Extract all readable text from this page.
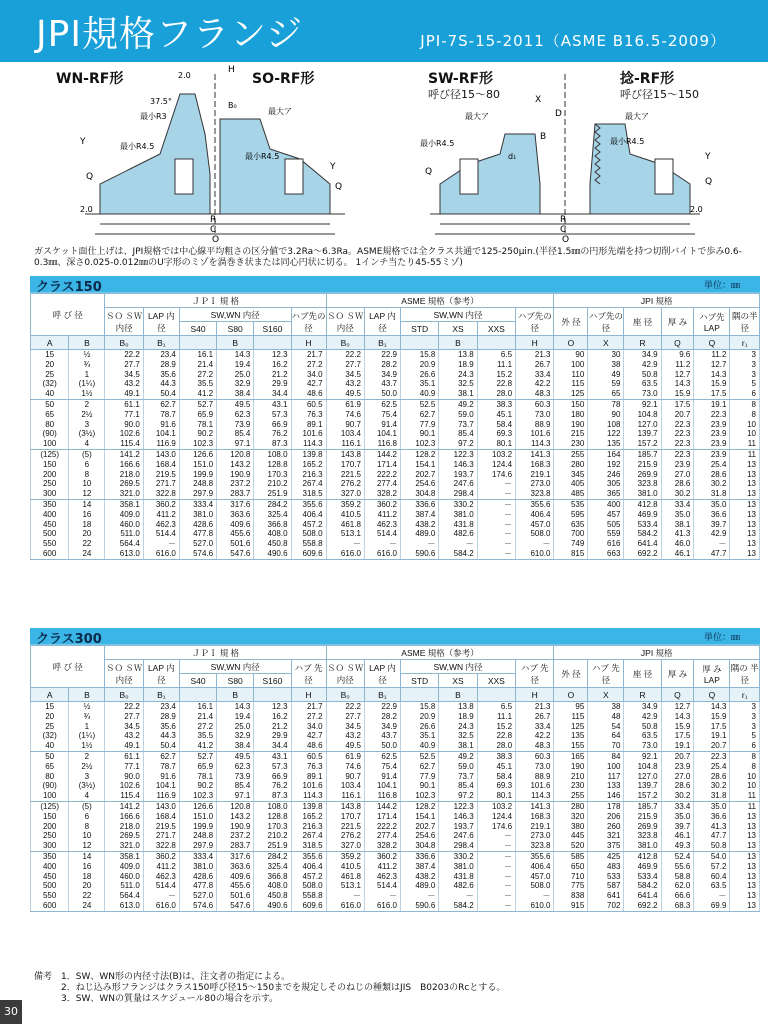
JPI規格フランジ	JPI-7S-15-2011（ASME B16.5-2009）
WN-RF形	SO-RF形	SW-RF形
呼び径15～80
捻-RF形
呼び径15～150
C
R
O
H
2.0
37.5°
最小R3
最小R4.5
Y
Q
2.0
B₀
最大ア
最小R4.5
Y
Q
C
R
O
X
D
B
d₁
最大ア	最大ア
最小R4.5	最小R4.5
Q
Y
Q
2.0
ガスケット面仕上げは、JPI規格では中心線平均粗さの区分値で3.2Ra～6.3Ra。ASME規格では全クラス共通で125-250μin.(半径1.5㎜の円形先端を持つ切削バイトで歩み0.6-0.3㎜、深さ0.025-0.012㎜のU字形のミゾを渦巻き状または同心円状に切る。 1インチ当たり45-55ミゾ)
クラス150	単位：㎜
呼 び 径		ＪＰＩ 規 格						ASME 規格（参考）						JPI 規格					
		ＳＯ ＳＷ 内径	LAP 内径	SW,WN 内径			ハブ先の径	ＳＯ ＳＷ 内径	LAP 内径	SW,WN 内径			ハブ先の径	外 径	ハブ先の径	座 径	厚 み	ハブ先 LAP	隅の半径
				S40	S80	S160				STD	XS	XXS							
A	B	B₀	B₁		B		H	B₀	B₁		B		H	O	X	R	Q	Q	r₁
15	½	22.2	23.4	16.1	14.3	12.3	21.7	22.2	22.9	15.8	13.8	6.5	21.3	90	30	34.9	9.6	11.2	3
20	¾	27.7	28.9	21.4	19.4	16.2	27.2	27.7	28.2	20.9	18.9	11.1	26.7	100	38	42.9	11.2	12.7	3
25	1	34.5	35.6	27.2	25.0	21.2	34.0	34.5	34.9	26.6	24.3	15.2	33.4	110	49	50.8	12.7	14.3	3
(32)	(1¼)	43.2	44.3	35.5	32.9	29.9	42.7	43.2	43.7	35.1	32.5	22.8	42.2	115	59	63.5	14.3	15.9	5
40	1½	49.1	50.4	41.2	38.4	34.4	48.6	49.5	50.0	40.9	38.1	28.0	48.3	125	65	73.0	15.9	17.5	6
50	2	61.1	62.7	52.7	49.5	43.1	60.5	61.9	62.5	52.5	49.2	38.3	60.3	150	78	92.1	17.5	19.1	8
65	2½	77.1	78.7	65.9	62.3	57.3	76.3	74.6	75.4	62.7	59.0	45.1	73.0	180	90	104.8	20.7	22.3	8
80	3	90.0	91.6	78.1	73.9	66.9	89.1	90.7	91.4	77.9	73.7	58.4	88.9	190	108	127.0	22.3	23.9	10
(90)	(3½)	102.6	104.1	90.2	85.4	76.2	101.6	103.4	104.1	90.1	85.4	69.3	101.6	215	122	139.7	22.3	23.9	10
100	4	115.4	116.9	102.3	97.1	87.3	114.3	116.1	116.8	102.3	97.2	80.1	114.3	230	135	157.2	22.3	23.9	11
(125)	(5)	141.2	143.0	126.6	120.8	108.0	139.8	143.8	144.2	128.2	122.3	103.2	141.3	255	164	185.7	22.3	23.9	11
150	6	166.6	168.4	151.0	143.2	128.8	165.2	170.7	171.4	154.1	146.3	124.4	168.3	280	192	215.9	23.9	25.4	13
200	8	218.0	219.5	199.9	190.9	170.3	216.3	221.5	222.2	202.7	193.7	174.6	219.1	345	246	269.9	27.0	28.6	13
250	10	269.5	271.7	248.8	237.2	210.2	267.4	276.2	277.4	254.6	247.6	－	273.0	405	305	323.8	28.6	30.2	13
300	12	321.0	322.8	297.9	283.7	251.9	318.5	327.0	328.2	304.8	298.4	－	323.8	485	365	381.0	30.2	31.8	13
350	14	358.1	360.2	333.4	317.6	284.2	355.6	359.2	360.2	336.6	330.2	－	355.6	535	400	412.8	33.4	35.0	13
400	16	409.0	411.2	381.0	363.6	325.4	406.4	410.5	411.2	387.4	381.0	－	406.4	595	457	469.9	35.0	36.6	13
450	18	460.0	462.3	428.6	409.6	366.8	457.2	461.8	462.3	438.2	431.8	－	457.0	635	505	533.4	38.1	39.7	13
500	20	511.0	514.4	477.8	455.6	408.0	508.0	513.1	514.4	489.0	482.6	－	508.0	700	559	584.2	41.3	42.9	13
550	22	564.4	－	527.0	501.6	450.8	558.8	－	－	－	－	－	－	749	616	641.4	46.0	－	13
600	24	613.0	616.0	574.6	547.6	490.6	609.6	616.0	616.0	590.6	584.2	－	610.0	815	663	692.2	46.1	47.7	13
クラス300	単位：㎜
呼 び 径		ＪＰＩ 規 格						ASME 規格（参考）						JPI 規格					
		ＳＯ ＳＷ 内径	LAP 内径	SW,WN 内径			ハブ 先 径	ＳＯ ＳＷ 内径	LAP 内径	SW,WN 内径			ハブ 先 径	外 径	ハブ 先 径	座 径	厚 み	厚 み LAP	隅の 半径
				S40	S80	S160				STD	XS	XXS							
A	B	B₀	B₁		B		H	B₀	B₁		B		H	O	X	R	Q	Q	r₁
15	½	22.2	23.4	16.1	14.3	12.3	21.7	22.2	22.9	15.8	13.8	6.5	21.3	95	38	34.9	12.7	14.3	3
20	¾	27.7	28.9	21.4	19.4	16.2	27.2	27.7	28.2	20.9	18.9	11.1	26.7	115	48	42.9	14.3	15.9	3
25	1	34.5	35.6	27.2	25.0	21.2	34.0	34.5	34.9	26.6	24.3	15.2	33.4	125	54	50.8	15.9	17.5	3
(32)	(1¼)	43.2	44.3	35.5	32.9	29.9	42.7	43.2	43.7	35.1	32.5	22.8	42.2	135	64	63.5	17.5	19.1	5
40	1½	49.1	50.4	41.2	38.4	34.4	48.6	49.5	50.0	40.9	38.1	28.0	48.3	155	70	73.0	19.1	20.7	6
50	2	61.1	62.7	52.7	49.5	43.1	60.5	61.9	62.5	52.5	49.2	38.3	60.3	165	84	92.1	20.7	22.3	8
65	2½	77.1	78.7	65.9	62.3	57.3	76.3	74.6	75.4	62.7	59.0	45.1	73.0	190	100	104.8	23.9	25.4	8
80	3	90.0	91.6	78.1	73.9	66.9	89.1	90.7	91.4	77.9	73.7	58.4	88.9	210	117	127.0	27.0	28.6	10
(90)	(3½)	102.6	104.1	90.2	85.4	76.2	101.6	103.4	104.1	90.1	85.4	69.3	101.6	230	133	139.7	28.6	30.2	10
100	4	115.4	116.9	102.3	97.1	87.3	114.3	116.1	116.8	102.3	97.2	80.1	114.3	255	146	157.2	30.2	31.8	11
(125)	(5)	141.2	143.0	126.6	120.8	108.0	139.8	143.8	144.2	128.2	122.3	103.2	141.3	280	178	185.7	33.4	35.0	11
150	6	166.6	168.4	151.0	143.2	128.8	165.2	170.7	171.4	154.1	146.3	124.4	168.3	320	206	215.9	35.0	36.6	13
200	8	218.0	219.5	199.9	190.9	170.3	216.3	221.5	222.2	202.7	193.7	174.6	219.1	380	260	269.9	39.7	41.3	13
250	10	269.5	271.7	248.8	237.2	210.2	267.4	276.2	277.4	254.6	247.6	－	273.0	445	321	323.8	46.1	47.7	13
300	12	321.0	322.8	297.9	283.7	251.9	318.5	327.0	328.2	304.8	298.4	－	323.8	520	375	381.0	49.3	50.8	13
350	14	358.1	360.2	333.4	317.6	284.2	355.6	359.2	360.2	336.6	330.2	－	355.6	585	425	412.8	52.4	54.0	13
400	16	409.0	411.2	381.0	363.6	325.4	406.4	410.5	411.2	387.4	381.0	－	406.4	650	483	469.9	55.6	57.2	13
450	18	460.0	462.3	428.6	409.6	366.8	457.2	461.8	462.3	438.2	431.8	－	457.0	710	533	533.4	58.8	60.4	13
500	20	511.0	514.4	477.8	455.6	408.0	508.0	513.1	514.4	489.0	482.6	－	508.0	775	587	584.2	62.0	63.5	13
550	22	564.4	－	527.0	501.6	450.8	558.8	－	－	－	－	－	－	838	641	641.4	66.6	－	13
600	24	613.0	616.0	574.6	547.6	490.6	609.6	616.0	616.0	590.6	584.2	－	610.0	915	702	692.2	68.3	69.9	13
備考　1．SW、WN形の内径寸法(B)は、注文者の指定による。
　　　2．ねじ込み形フランジはクラス150呼び径15～150までを規定しそのねじの種類はJIS　B0203のRcとする。
　　　3．SW、WNの質量はスケジュール80の場合を示す。
30
